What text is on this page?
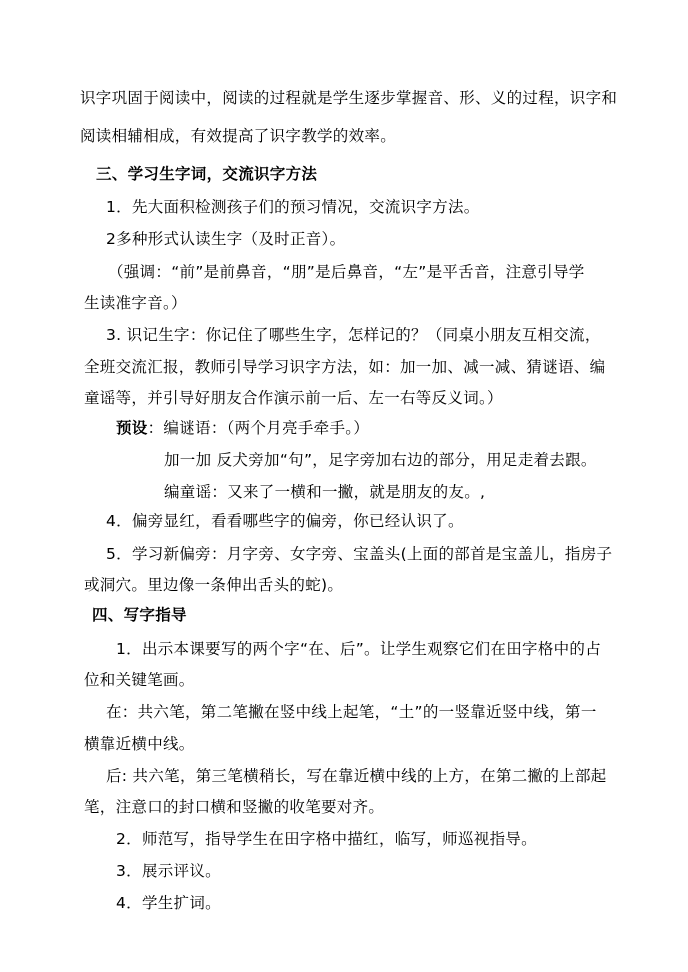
识字巩固于阅读中，阅读的过程就是学生逐步掌握音、形、义的过程，识字和
阅读相辅相成，有效提高了识字教学的效率。
三、学习生字词，交流识字方法
1．先大面积检测孩子们的预习情况，交流识字方法。
2多种形式认读生字（及时正音）。
（强调：“前”是前鼻音，“朋”是后鼻音，“左”是平舌音，注意引导学
生读准字音。）
3. 识记生字：你记住了哪些生字，怎样记的？（同桌小朋友互相交流，
全班交流汇报，教师引导学习识字方法，如：加一加、减一减、猜谜语、编
童谣等，并引导好朋友合作演示前一后、左一右等反义词。）
预设：编谜语：（两个月亮手牵手。）
加一加 反犬旁加“句”，足字旁加右边的部分，用足走着去跟。
编童谣：又来了一横和一撇，就是朋友的友。,
4．偏旁显红，看看哪些字的偏旁，你已经认识了。
5．学习新偏旁：月字旁、女字旁、宝盖头(上面的部首是宝盖儿，指房子
或洞穴。里边像一条伸出舌头的蛇)。
四、写字指导
1．出示本课要写的两个字“在、后”。让学生观察它们在田字格中的占
位和关键笔画。
在：共六笔，第二笔撇在竖中线上起笔，“土”的一竖靠近竖中线，第一
横靠近横中线。
后: 共六笔，第三笔横稍长，写在靠近横中线的上方，在第二撇的上部起
笔，注意口的封口横和竖撇的收笔要对齐。
2．师范写，指导学生在田字格中描红，临写，师巡视指导。
3．展示评议。
4．学生扩词。
